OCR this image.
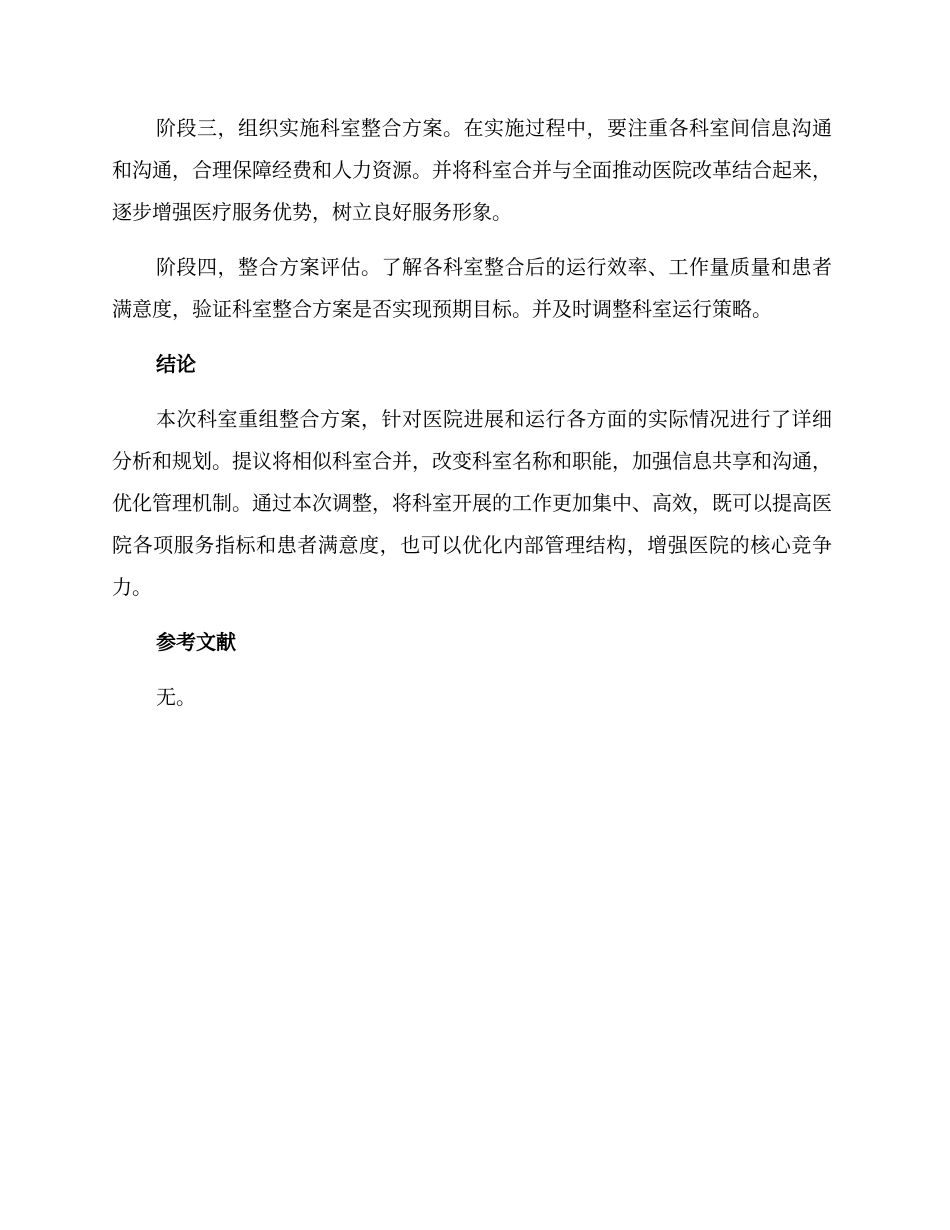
阶段三，组织实施科室整合方案。在实施过程中，要注重各科室间信息沟通和沟通，合理保障经费和人力资源。并将科室合并与全面推动医院改革结合起来，逐步增强医疗服务优势，树立良好服务形象。

阶段四，整合方案评估。了解各科室整合后的运行效率、工作量质量和患者满意度，验证科室整合方案是否实现预期目标。并及时调整科室运行策略。

结论

本次科室重组整合方案，针对医院进展和运行各方面的实际情况进行了详细分析和规划。提议将相似科室合并，改变科室名称和职能，加强信息共享和沟通，优化管理机制。通过本次调整，将科室开展的工作更加集中、高效，既可以提高医院各项服务指标和患者满意度，也可以优化内部管理结构，增强医院的核心竞争力。

参考文献

无。
